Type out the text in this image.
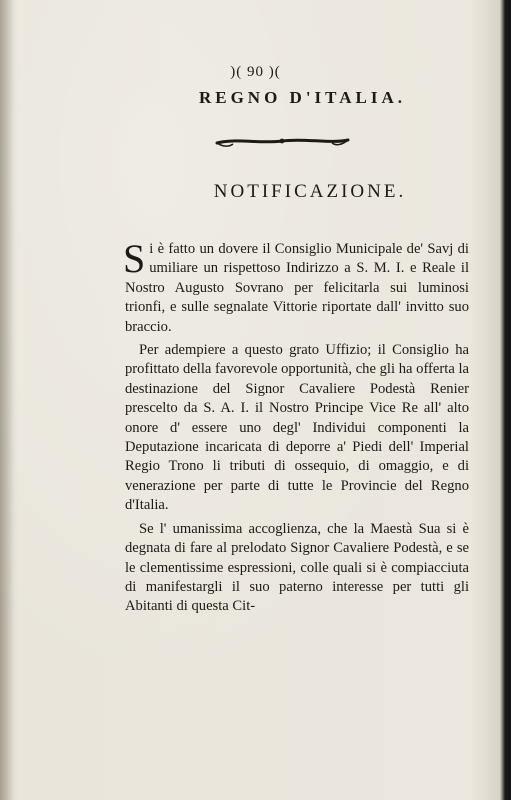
)( 90 )(
REGNO D'ITALIA.
NOTIFICAZIONE.

Si è fatto un dovere il Consiglio Municipale de' Savj di umiliare un rispettoso Indirizzo a S. M. I. e Reale il Nostro Augusto Sovrano per felicitarla sui luminosi trionfi, e sulle segnalate Vittorie riportate dall' invitto suo braccio.

Per adempiere a questo grato Uffizio; il Consiglio ha profittato della favorevole opportunità, che gli ha offerta la destinazione del Signor Cavaliere Podestà Renier prescelto da S. A. I. il Nostro Principe Vice Re all' alto onore d' essere uno degl' Individui componenti la Deputazione incaricata di deporre a' Piedi dell' Imperial Regio Trono li tributi di ossequio, di omaggio, e di venerazione per parte di tutte le Provincie del Regno d'Italia.

Se l' umanissima accoglienza, che la Maestà Sua si è degnata di fare al prelodato Signor Cavaliere Podestà, e se le clementissime espressioni, colle quali si è compiacciuta di manifestargli il suo paterno interesse per tutti gli Abitanti di questa Cit-
